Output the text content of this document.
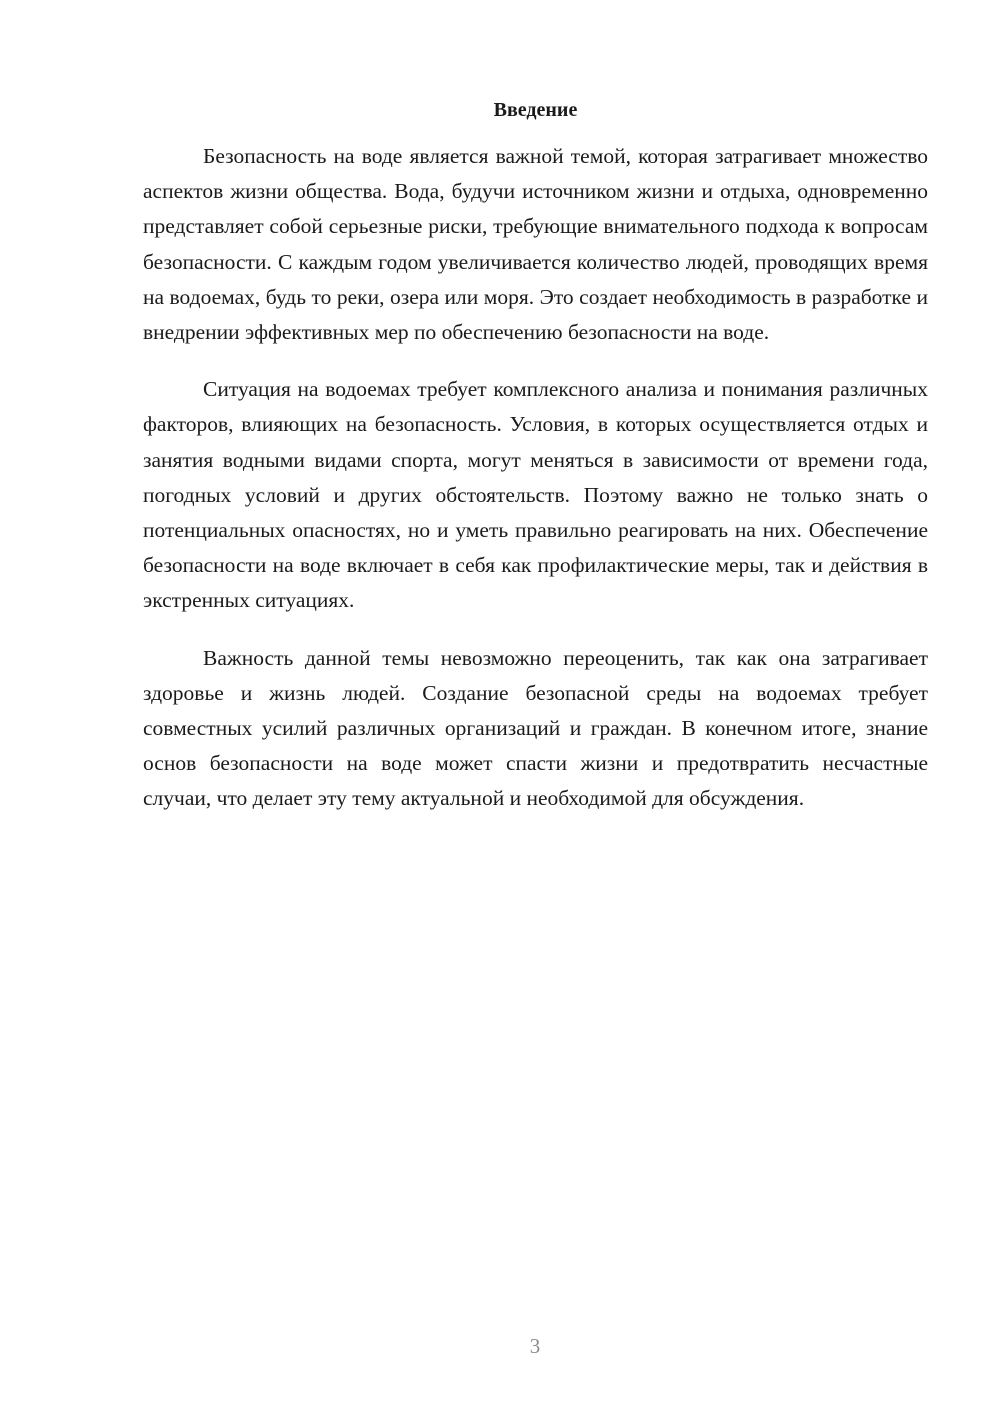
Введение

Безопасность на воде является важной темой, которая затрагивает множество аспектов жизни общества. Вода, будучи источником жизни и отдыха, одновременно представляет собой серьезные риски, требующие внимательного подхода к вопросам безопасности. С каждым годом увеличивается количество людей, проводящих время на водоемах, будь то реки, озера или моря. Это создает необходимость в разработке и внедрении эффективных мер по обеспечению безопасности на воде.

Ситуация на водоемах требует комплексного анализа и понимания различных факторов, влияющих на безопасность. Условия, в которых осуществляется отдых и занятия водными видами спорта, могут меняться в зависимости от времени года, погодных условий и других обстоятельств. Поэтому важно не только знать о потенциальных опасностях, но и уметь правильно реагировать на них. Обеспечение безопасности на воде включает в себя как профилактические меры, так и действия в экстренных ситуациях.

Важность данной темы невозможно переоценить, так как она затрагивает здоровье и жизнь людей. Создание безопасной среды на водоемах требует совместных усилий различных организаций и граждан. В конечном итоге, знание основ безопасности на воде может спасти жизни и предотвратить несчастные случаи, что делает эту тему актуальной и необходимой для обсуждения.

3
